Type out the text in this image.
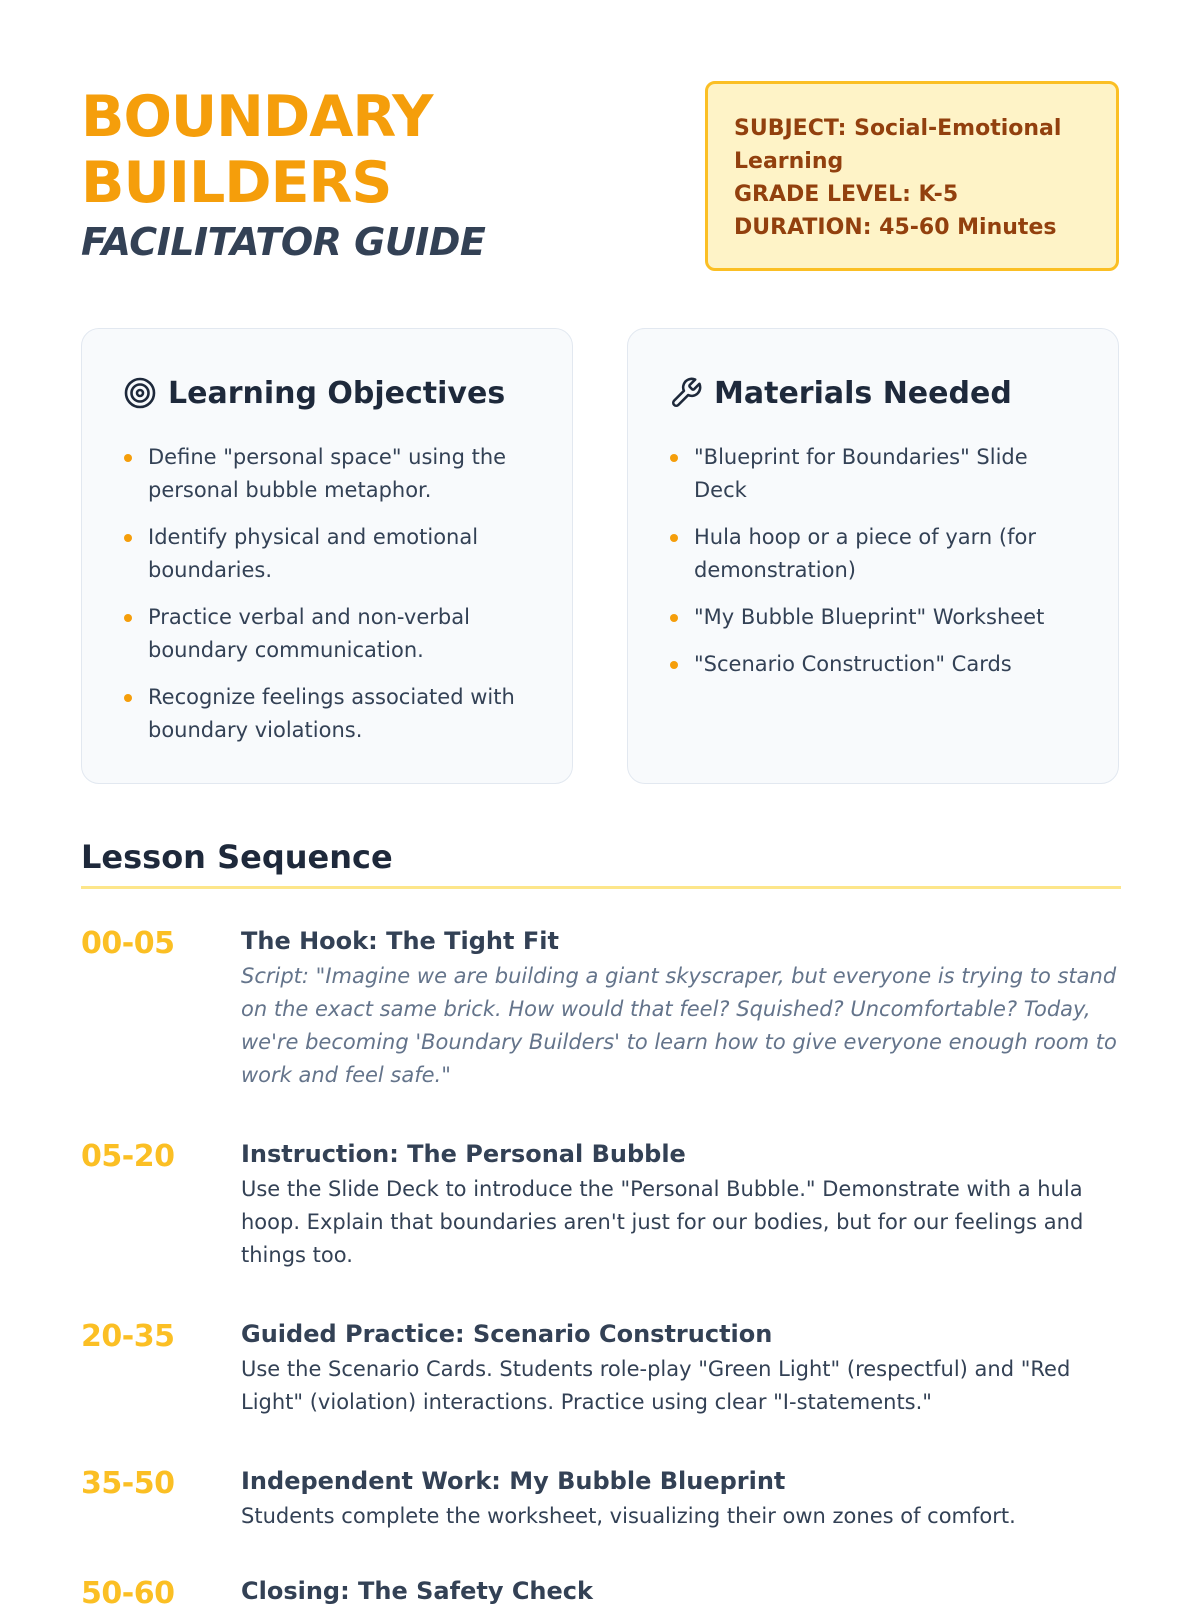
BOUNDARY
BUILDERS
FACILITATOR GUIDE
SUBJECT: Social-Emotional Learning
GRADE LEVEL: K-5
DURATION: 45-60 Minutes
Learning Objectives
Define "personal space" using the personal bubble metaphor.
Identify physical and emotional boundaries.
Practice verbal and non-verbal boundary communication.
Recognize feelings associated with boundary violations.
Materials Needed
"Blueprint for Boundaries" Slide Deck
Hula hoop or a piece of yarn (for demonstration)
"My Bubble Blueprint" Worksheet
"Scenario Construction" Cards
Lesson Sequence
00-05	The Hook: The Tight Fit
Script: "Imagine we are building a giant skyscraper, but everyone is trying to stand on the exact same brick. How would that feel? Squished? Uncomfortable? Today, we're becoming 'Boundary Builders' to learn how to give everyone enough room to work and feel safe."
05-20	Instruction: The Personal Bubble
Use the Slide Deck to introduce the "Personal Bubble." Demonstrate with a hula hoop. Explain that boundaries aren't just for our bodies, but for our feelings and things too.
20-35	Guided Practice: Scenario Construction
Use the Scenario Cards. Students role-play "Green Light" (respectful) and "Red Light" (violation) interactions. Practice using clear "I-statements."
35-50	Independent Work: My Bubble Blueprint
Students complete the worksheet, visualizing their own zones of comfort.
50-60	Closing: The Safety Check
